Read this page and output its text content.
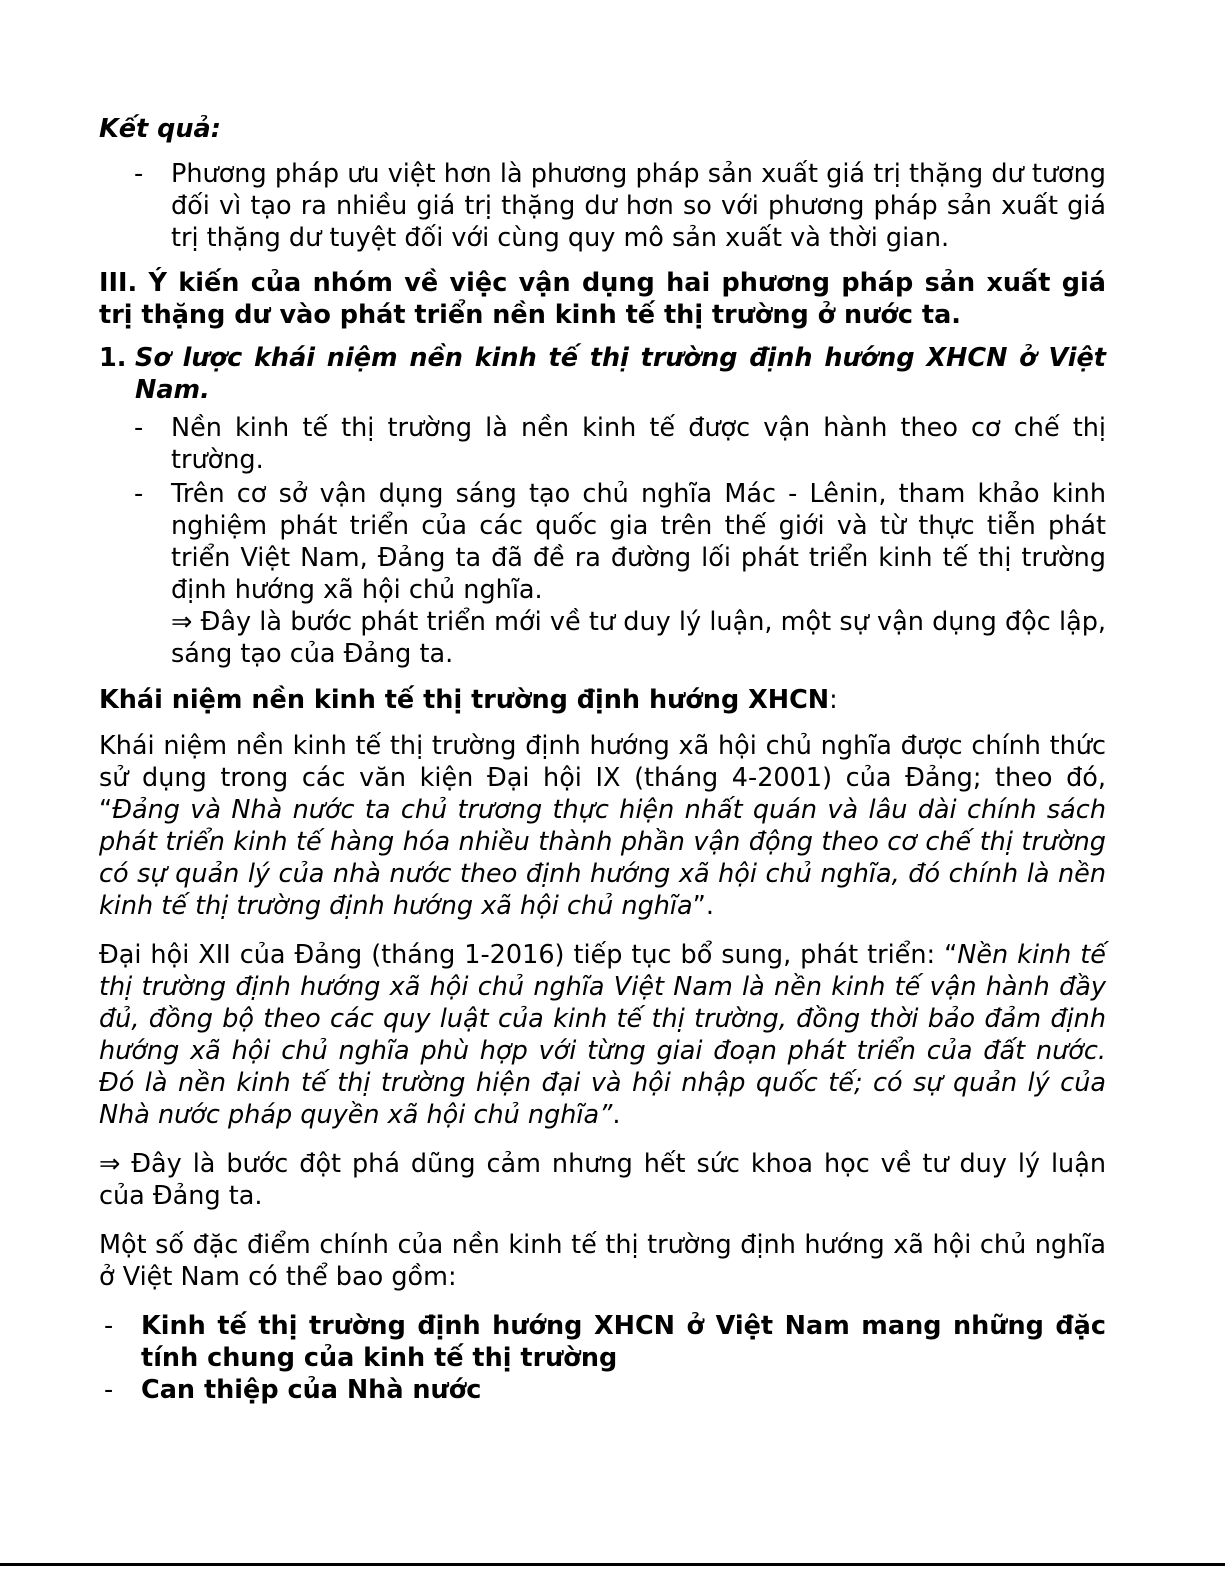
Kết quả:

- Phương pháp ưu việt hơn là phương pháp sản xuất giá trị thặng dư tương đối vì tạo ra nhiều giá trị thặng dư hơn so với phương pháp sản xuất giá trị thặng dư tuyệt đối với cùng quy mô sản xuất và thời gian.

III. Ý kiến của nhóm về việc vận dụng hai phương pháp sản xuất giá trị thặng dư vào phát triển nền kinh tế thị trường ở nước ta.

1. Sơ lược khái niệm nền kinh tế thị trường định hướng XHCN ở Việt Nam.

- Nền kinh tế thị trường là nền kinh tế được vận hành theo cơ chế thị trường.

- Trên cơ sở vận dụng sáng tạo chủ nghĩa Mác - Lênin, tham khảo kinh nghiệm phát triển của các quốc gia trên thế giới và từ thực tiễn phát triển Việt Nam, Đảng ta đã đề ra đường lối phát triển kinh tế thị trường định hướng xã hội chủ nghĩa.

⇒ Đây là bước phát triển mới về tư duy lý luận, một sự vận dụng độc lập, sáng tạo của Đảng ta.

Khái niệm nền kinh tế thị trường định hướng XHCN:

Khái niệm nền kinh tế thị trường định hướng xã hội chủ nghĩa được chính thức sử dụng trong các văn kiện Đại hội IX (tháng 4-2001) của Đảng; theo đó, “Đảng và Nhà nước ta chủ trương thực hiện nhất quán và lâu dài chính sách phát triển kinh tế hàng hóa nhiều thành phần vận động theo cơ chế thị trường có sự quản lý của nhà nước theo định hướng xã hội chủ nghĩa, đó chính là nền kinh tế thị trường định hướng xã hội chủ nghĩa”.

Đại hội XII của Đảng (tháng 1-2016) tiếp tục bổ sung, phát triển: “Nền kinh tế thị trường định hướng xã hội chủ nghĩa Việt Nam là nền kinh tế vận hành đầy đủ, đồng bộ theo các quy luật của kinh tế thị trường, đồng thời bảo đảm định hướng xã hội chủ nghĩa phù hợp với từng giai đoạn phát triển của đất nước. Đó là nền kinh tế thị trường hiện đại và hội nhập quốc tế; có sự quản lý của Nhà nước pháp quyền xã hội chủ nghĩa”.

⇒ Đây là bước đột phá dũng cảm nhưng hết sức khoa học về tư duy lý luận của Đảng ta.

Một số đặc điểm chính của nền kinh tế thị trường định hướng xã hội chủ nghĩa ở Việt Nam có thể bao gồm:

- Kinh tế thị trường định hướng XHCN ở Việt Nam mang những đặc tính chung của kinh tế thị trường

- Can thiệp của Nhà nước
